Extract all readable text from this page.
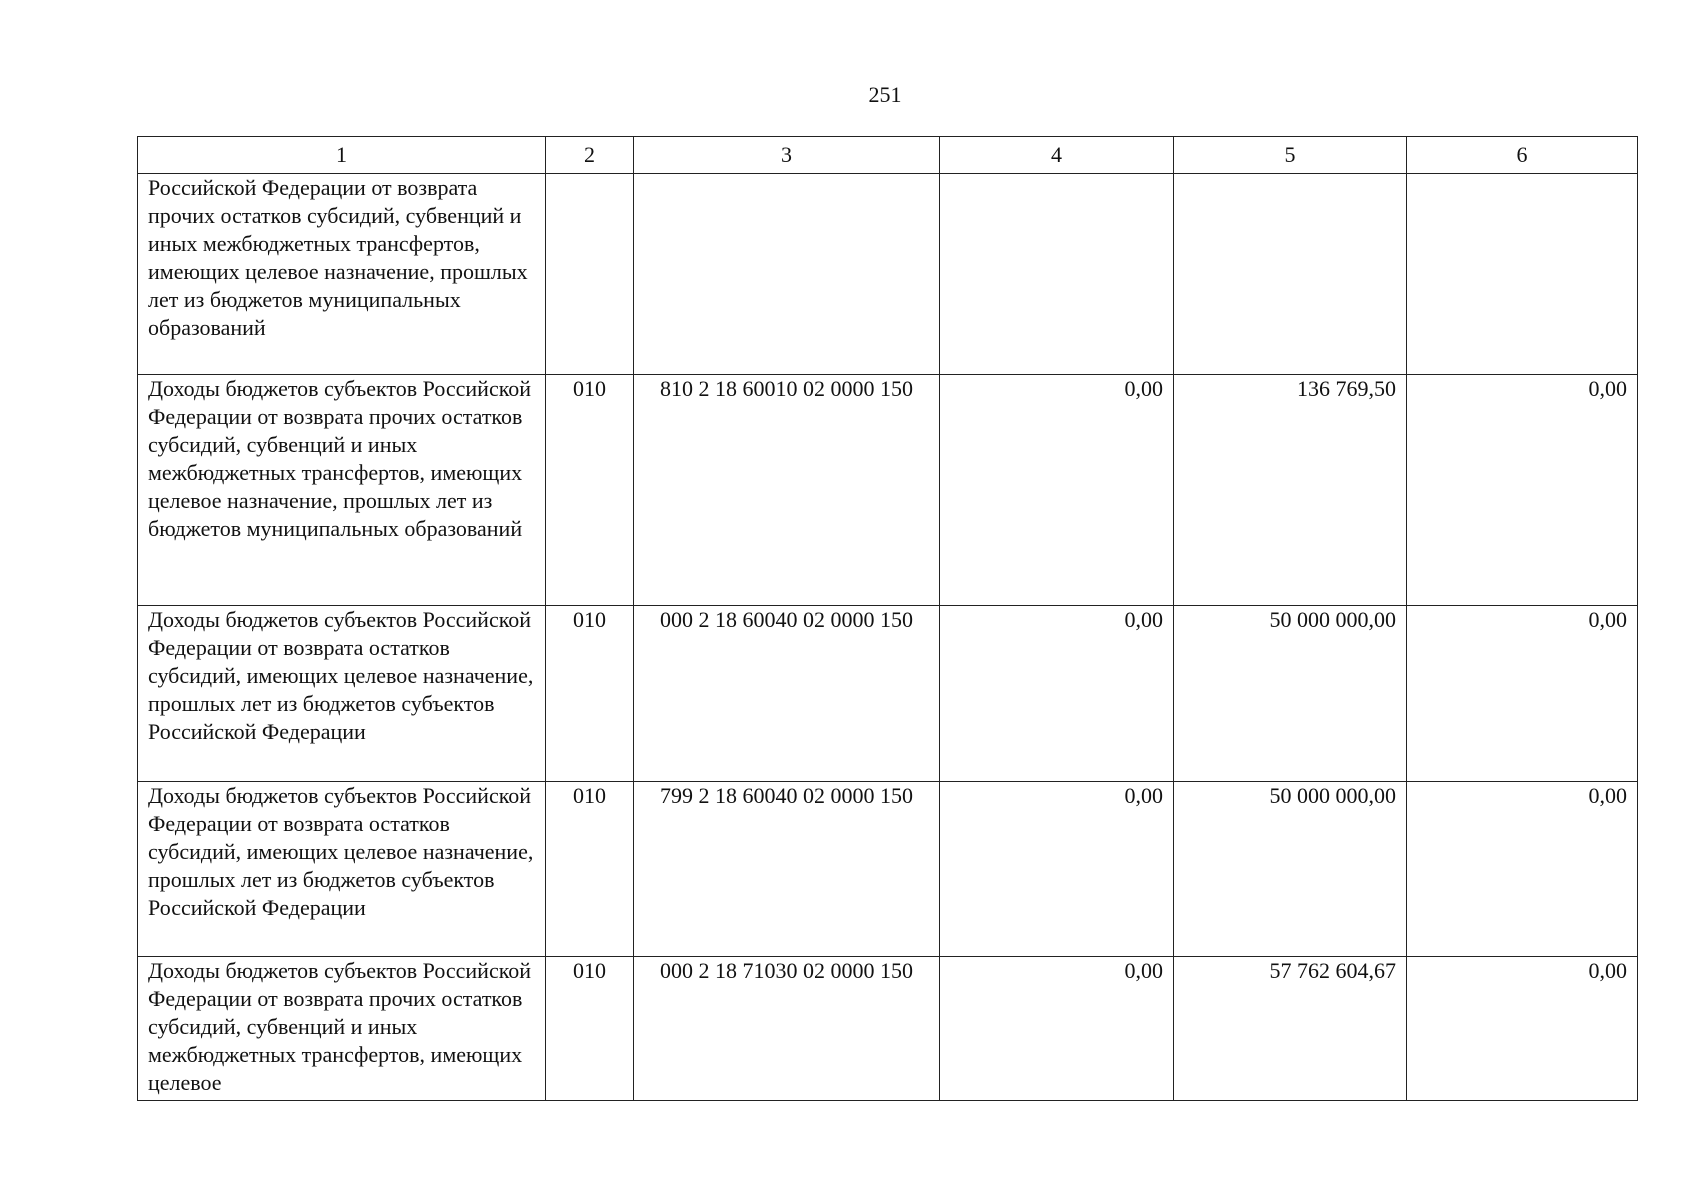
251
1	2	3	4	5	6
Российской Федерации от возврата прочих остатков субсидий, субвенций и иных межбюджетных трансфертов, имеющих целевое назначение, прошлых лет из бюджетов муниципальных образований					
Доходы бюджетов субъектов Российской Федерации от возврата прочих остатков субсидий, субвенций и иных межбюджетных трансфертов, имеющих целевое назначение, прошлых лет из бюджетов муниципальных образований	010	810 2 18 60010 02 0000 150	0,00	136 769,50	0,00
Доходы бюджетов субъектов Российской Федерации от возврата остатков субсидий, имеющих целевое назначение, прошлых лет из бюджетов субъектов Российской Федерации	010	000 2 18 60040 02 0000 150	0,00	50 000 000,00	0,00
Доходы бюджетов субъектов Российской Федерации от возврата остатков субсидий, имеющих целевое назначение, прошлых лет из бюджетов субъектов Российской Федерации	010	799 2 18 60040 02 0000 150	0,00	50 000 000,00	0,00
Доходы бюджетов субъектов Российской Федерации от возврата прочих остатков субсидий, субвенций и иных межбюджетных трансфертов, имеющих целевое	010	000 2 18 71030 02 0000 150	0,00	57 762 604,67	0,00
